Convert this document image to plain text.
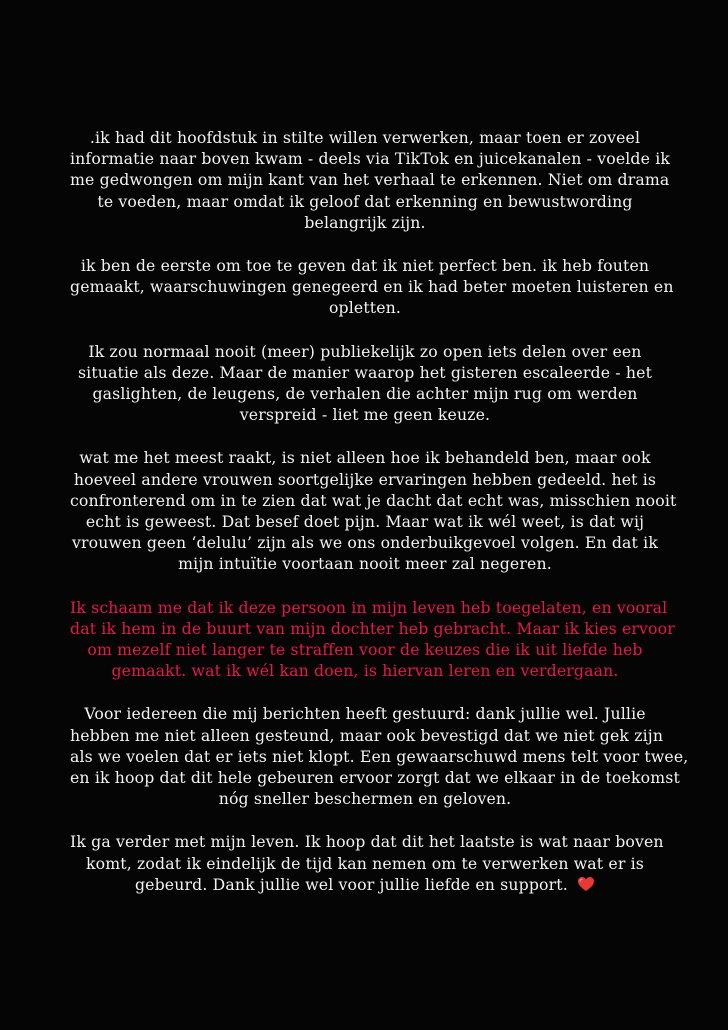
.ik had dit hoofdstuk in stilte willen verwerken, maar toen er zoveel
informatie naar boven kwam - deels via TikTok en juicekanalen - voelde ik
me gedwongen om mijn kant van het verhaal te erkennen. Niet om drama
te voeden, maar omdat ik geloof dat erkenning en bewustwording
belangrijk zijn.

ik ben de eerste om toe te geven dat ik niet perfect ben. ik heb fouten
gemaakt, waarschuwingen genegeerd en ik had beter moeten luisteren en
opletten.

Ik zou normaal nooit (meer) publiekelijk zo open iets delen over een
situatie als deze. Maar de manier waarop het gisteren escaleerde - het
gaslighten, de leugens, de verhalen die achter mijn rug om werden
verspreid - liet me geen keuze.

wat me het meest raakt, is niet alleen hoe ik behandeld ben, maar ook
hoeveel andere vrouwen soortgelijke ervaringen hebben gedeeld. het is
confronterend om in te zien dat wat je dacht dat echt was, misschien nooit
echt is geweest. Dat besef doet pijn. Maar wat ik wél weet, is dat wij
vrouwen geen ‘delulu’ zijn als we ons onderbuikgevoel volgen. En dat ik
mijn intuïtie voortaan nooit meer zal negeren.

Ik schaam me dat ik deze persoon in mijn leven heb toegelaten, en vooral
dat ik hem in de buurt van mijn dochter heb gebracht. Maar ik kies ervoor
om mezelf niet langer te straffen voor de keuzes die ik uit liefde heb
gemaakt. wat ik wél kan doen, is hiervan leren en verdergaan.

Voor iedereen die mij berichten heeft gestuurd: dank jullie wel. Jullie
hebben me niet alleen gesteund, maar ook bevestigd dat we niet gek zijn
als we voelen dat er iets niet klopt. Een gewaarschuwd mens telt voor twee,
en ik hoop dat dit hele gebeuren ervoor zorgt dat we elkaar in de toekomst
nóg sneller beschermen en geloven.

Ik ga verder met mijn leven. Ik hoop dat dit het laatste is wat naar boven
komt, zodat ik eindelijk de tijd kan nemen om te verwerken wat er is
gebeurd. Dank jullie wel voor jullie liefde en support.
